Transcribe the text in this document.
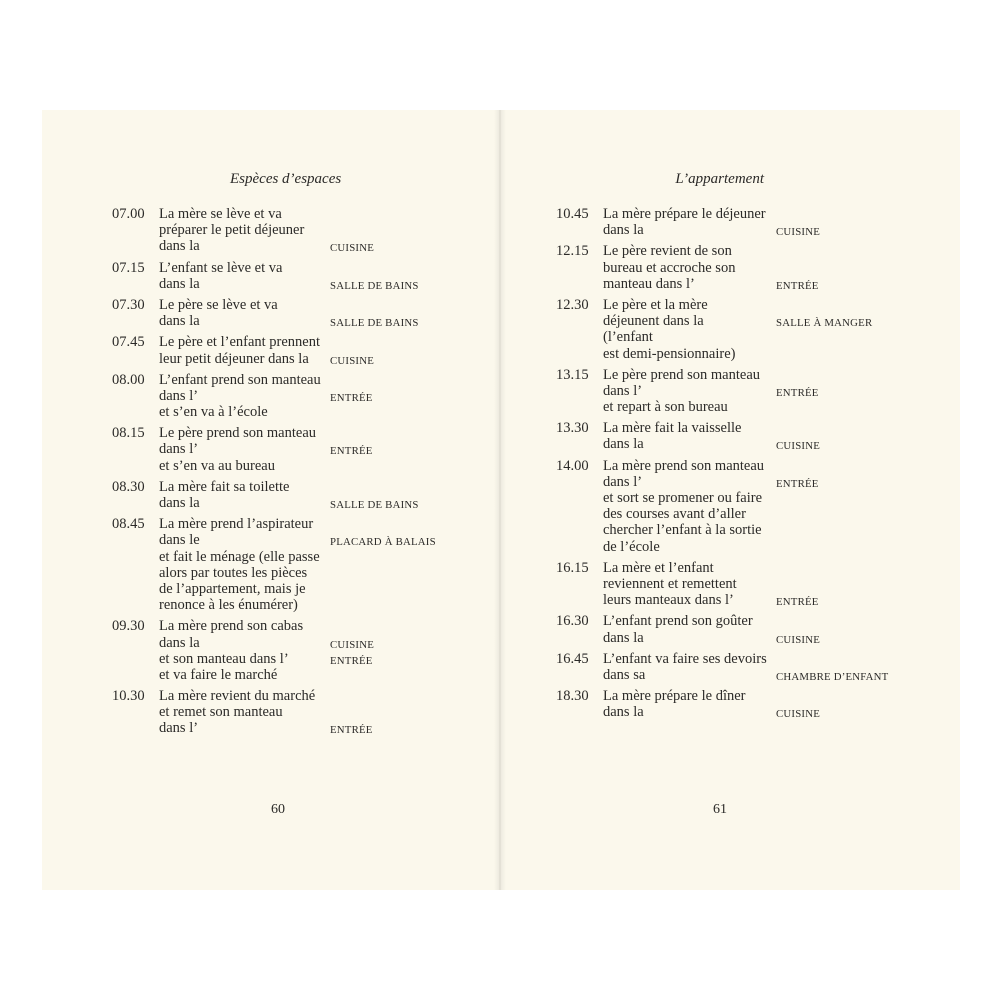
Espèces d’espaces
07.00 La mère se lève et va
préparer le petit déjeuner
dans la	CUISINE
07.15 L’enfant se lève et va
dans la	SALLE DE BAINS
07.30 Le père se lève et va
dans la	SALLE DE BAINS
07.45 Le père et l’enfant prennent
leur petit déjeuner dans la CUISINE
08.00 L’enfant prend son manteau
dans l’	ENTRÉE
et s’en va à l’école
08.15 Le père prend son manteau
dans l’	ENTRÉE
et s’en va au bureau
08.30 La mère fait sa toilette
dans la	SALLE DE BAINS
08.45 La mère prend l’aspirateur
dans le	PLACARD À BALAIS
et fait le ménage (elle passe
alors par toutes les pièces
de l’appartement, mais je
renonce à les énumérer)
09.30 La mère prend son cabas
dans la	CUISINE
et son manteau dans l’	ENTRÉE
et va faire le marché
10.30 La mère revient du marché
et remet son manteau
dans l’	ENTRÉE
60
L’appartement
10.45 La mère prépare le déjeuner
dans la	CUISINE
12.15 Le père revient de son
bureau et accroche son
manteau dans l’	ENTRÉE
12.30 Le père et la mère
déjeunent dans la	SALLE À MANGER
(l’enfant
est demi-pensionnaire)
13.15 Le père prend son manteau
dans l’	ENTRÉE
et repart à son bureau
13.30 La mère fait la vaisselle
dans la	CUISINE
14.00 La mère prend son manteau
dans l’	ENTRÉE
et sort se promener ou faire
des courses avant d’aller
chercher l’enfant à la sortie
de l’école
16.15 La mère et l’enfant
reviennent et remettent
leurs manteaux dans l’	ENTRÉE
16.30 L’enfant prend son goûter
dans la	CUISINE
16.45 L’enfant va faire ses devoirs
dans sa	CHAMBRE D’ENFANT
18.30 La mère prépare le dîner
dans la	CUISINE
61
